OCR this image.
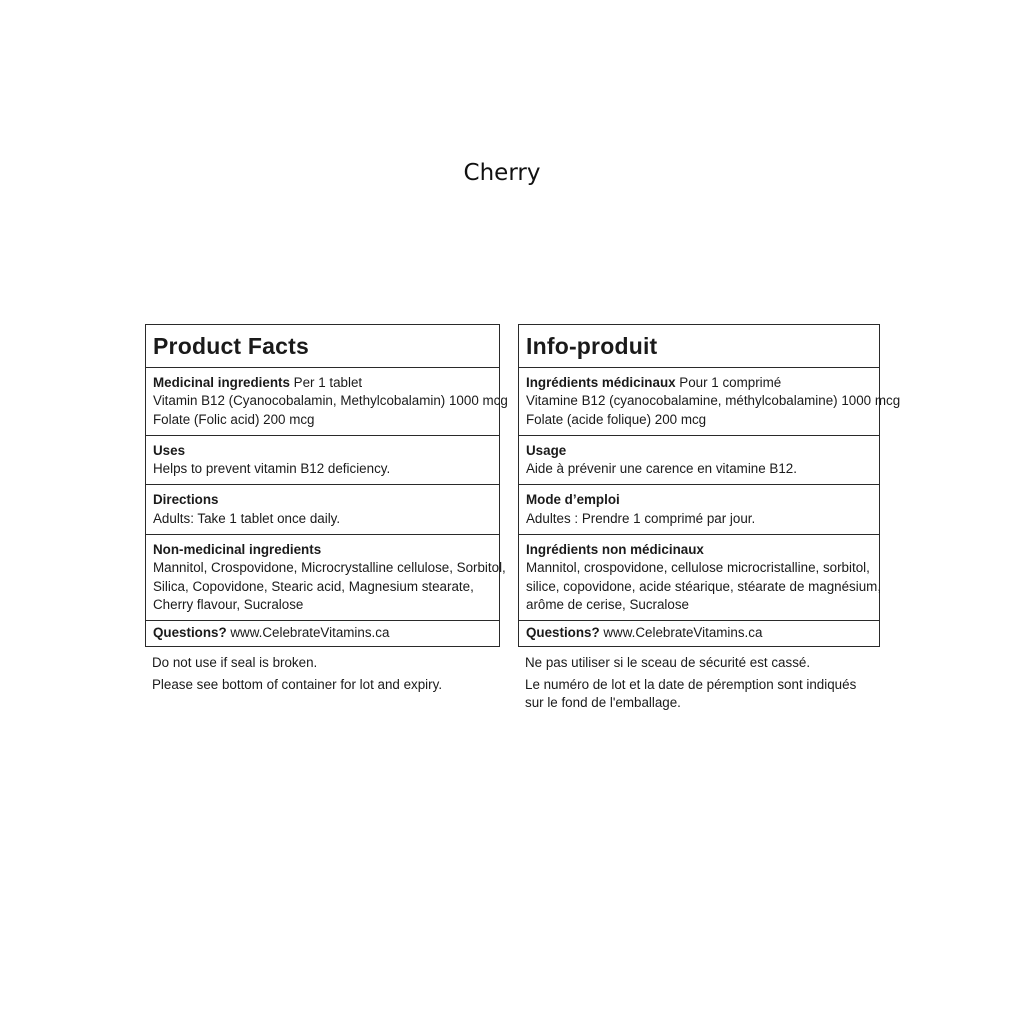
Cherry
Product Facts
Medicinal ingredients Per 1 tablet
Vitamin B12 (Cyanocobalamin, Methylcobalamin) 1000 mcg
Folate (Folic acid) 200 mcg
Uses
Helps to prevent vitamin B12 deficiency.
Directions
Adults: Take 1 tablet once daily.
Non-medicinal ingredients
Mannitol, Crospovidone, Microcrystalline cellulose, Sorbitol,
Silica, Copovidone, Stearic acid, Magnesium stearate,
Cherry flavour, Sucralose
Questions? www.CelebrateVitamins.ca
Do not use if seal is broken.
Please see bottom of container for lot and expiry.
Info-produit
Ingrédients médicinaux Pour 1 comprimé
Vitamine B12 (cyanocobalamine, méthylcobalamine) 1000 mcg
Folate (acide folique) 200 mcg
Usage
Aide à prévenir une carence en vitamine B12.
Mode d’emploi
Adultes : Prendre 1 comprimé par jour.
Ingrédients non médicinaux
Mannitol, crospovidone, cellulose microcristalline, sorbitol,
silice, copovidone, acide stéarique, stéarate de magnésium,
arôme de cerise, Sucralose
Questions? www.CelebrateVitamins.ca
Ne pas utiliser si le sceau de sécurité est cassé.
Le numéro de lot et la date de péremption sont indiqués sur le fond de l'emballage.
